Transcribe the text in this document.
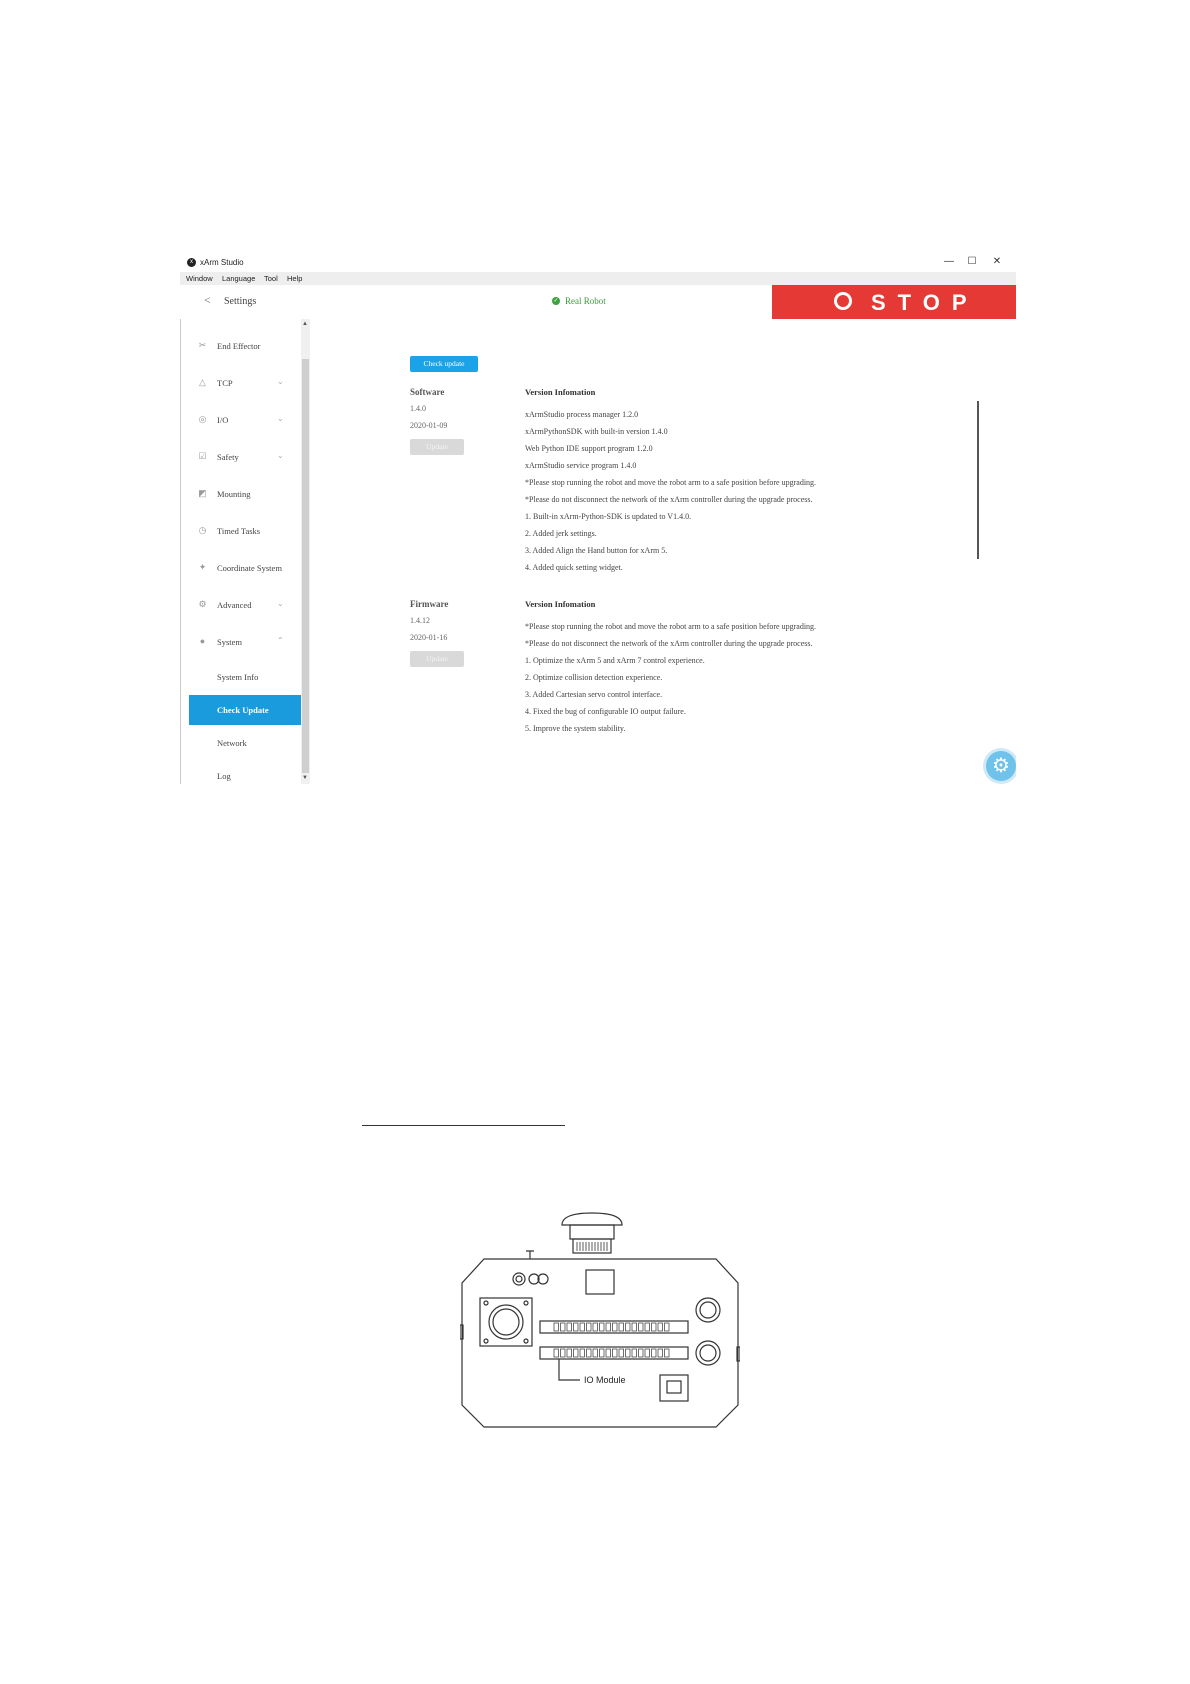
x xArm Studio	— ☐ ✕
Window Language Tool Help
< Settings	✓ Real Robot	STOP
✂	End Effector
△	TCP	⌄
◎	I/O	⌄
☑ Safety	⌄
◩ Mounting
◷	Timed Tasks
✦	Coordinate System
⚙ Advanced	⌄
●	System	⌃
System Info
Check Update
Network
Log
▲
▼
Check update
Software
1.4.0
2020-01-09
Update
Version Infomation
xArmStudio process manager 1.2.0
xArmPythonSDK with built-in version 1.4.0
Web Python IDE support program 1.2.0
xArmStudio service program 1.4.0
*Please stop running the robot and move the robot arm to a safe position before upgrading.
*Please do not disconnect the network of the xArm controller during the upgrade process.
1. Built-in xArm-Python-SDK is updated to V1.4.0.
2. Added jerk settings.
3. Added Align the Hand button for xArm 5.
4. Added quick setting widget.
Firmware
1.4.12
2020-01-16
Update
Version Infomation
*Please stop running the robot and move the robot arm to a safe position before upgrading.
*Please do not disconnect the network of the xArm controller during the upgrade process.
1. Optimize the xArm 5 and xArm 7 control experience.
2. Optimize collision detection experience.
3. Added Cartesian servo control interface.
4. Fixed the bug of configurable IO output failure.
5. Improve the system stability.
⚙
IO Module
